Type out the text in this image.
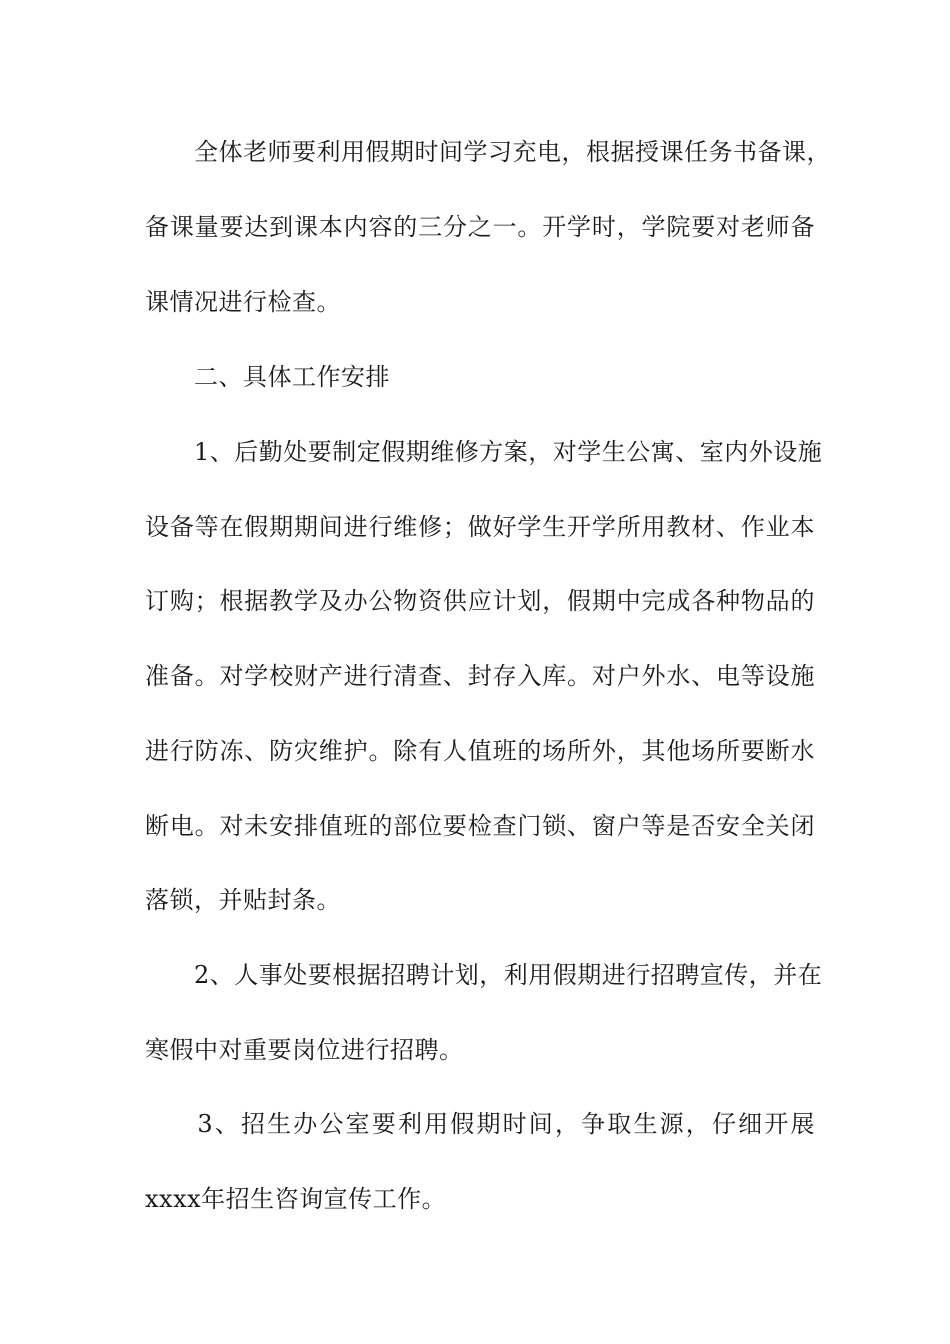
　　全体老师要利用假期时间学习充电，根据授课任务书备课，
备课量要达到课本内容的三分之一。开学时，学院要对老师备
课情况进行检查。
　　二、具体工作安排
　　1、后勤处要制定假期维修方案，对学生公寓、室内外设施
设备等在假期期间进行维修；做好学生开学所用教材、作业本
订购；根据教学及办公物资供应计划，假期中完成各种物品的
准备。对学校财产进行清查、封存入库。对户外水、电等设施
进行防冻、防灾维护。除有人值班的场所外，其他场所要断水
断电。对未安排值班的部位要检查门锁、窗户等是否安全关闭
落锁，并贴封条。
　　2、人事处要根据招聘计划，利用假期进行招聘宣传，并在
寒假中对重要岗位进行招聘。
　　3、招生办公室要利用假期时间，争取生源，仔细开展
xxxx年招生咨询宣传工作。
